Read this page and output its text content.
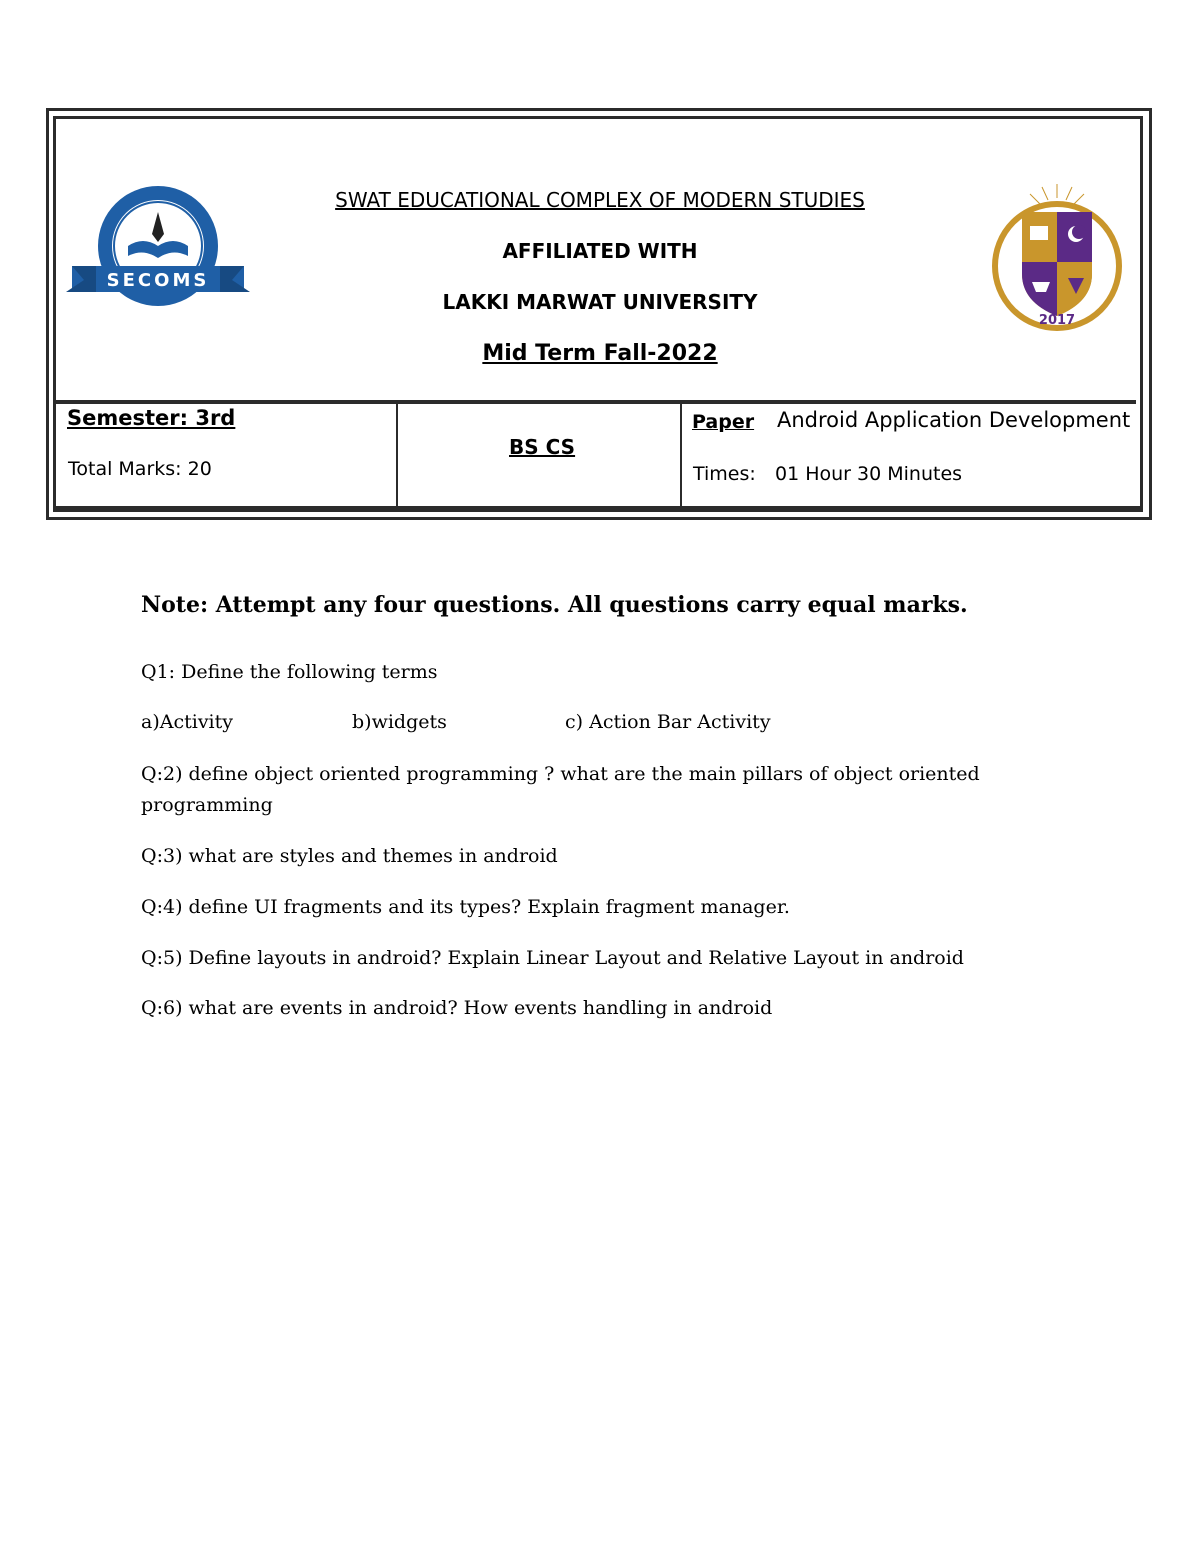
SECOMS
2017
SWAT EDUCATIONAL COMPLEX OF MODERN STUDIES
AFFILIATED WITH
LAKKI MARWAT UNIVERSITY
Mid Term Fall-2022
Semester: 3rd
Total Marks: 20
BS CS
Paper Android Application Development
Times: 01 Hour 30 Minutes
Note: Attempt any four questions. All questions carry equal marks.
Q1: Define the following terms
a)Activity	b)widgets	c) Action Bar Activity
Q:2) define object oriented programming ? what are the main pillars of object oriented programming
Q:3) what are styles and themes in android
Q:4) define UI fragments and its types? Explain fragment manager.
Q:5) Define layouts in android? Explain Linear Layout and Relative Layout in android
Q:6) what are events in android? How events handling in android
